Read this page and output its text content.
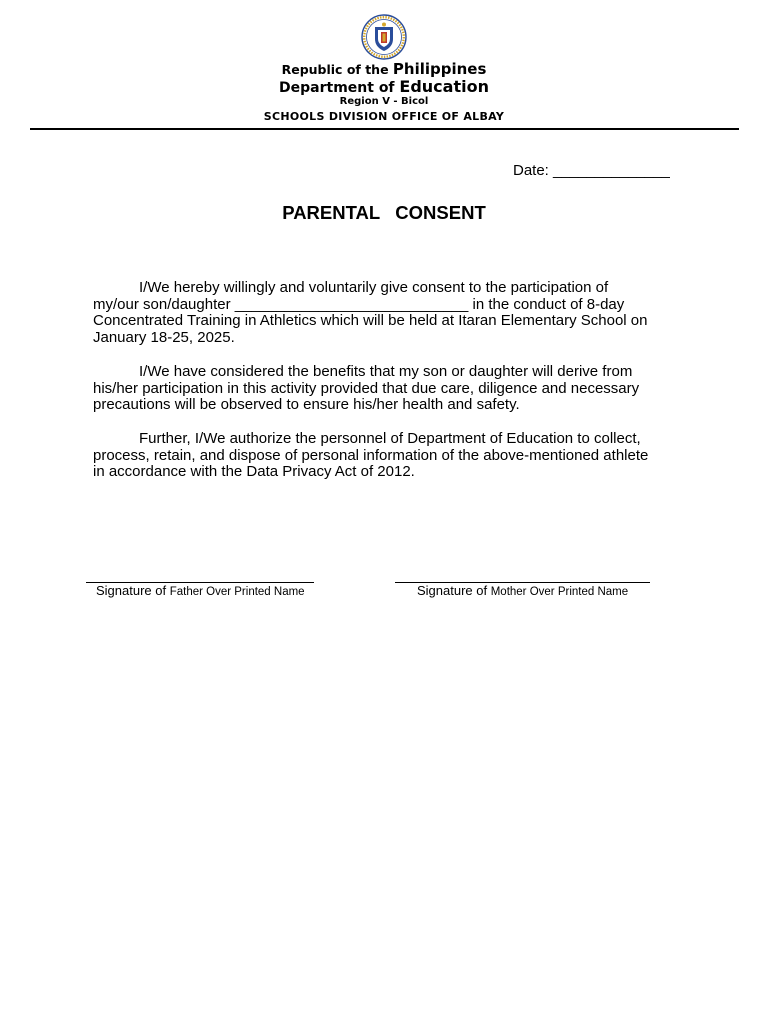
Republic of the Philippines
Department of Education
Region V - Bicol
SCHOOLS DIVISION OFFICE OF ALBAY
Date: ______________
PARENTAL   CONSENT
I/We hereby willingly and voluntarily give consent to the participation of
my/our son/daughter ____________________________ in the conduct of 8-day
Concentrated Training in Athletics which will be held at Itaran Elementary School on
January 18-25, 2025.
I/We have considered the benefits that my son or daughter will derive from
his/her participation in this activity provided that due care, diligence and necessary
precautions will be observed to ensure his/her health and safety.
Further, I/We authorize the personnel of Department of Education to collect,
process, retain, and dispose of personal information of the above-mentioned athlete
in accordance with the Data Privacy Act of 2012.
Signature of Father Over Printed Name	Signature of Mother Over Printed Name
